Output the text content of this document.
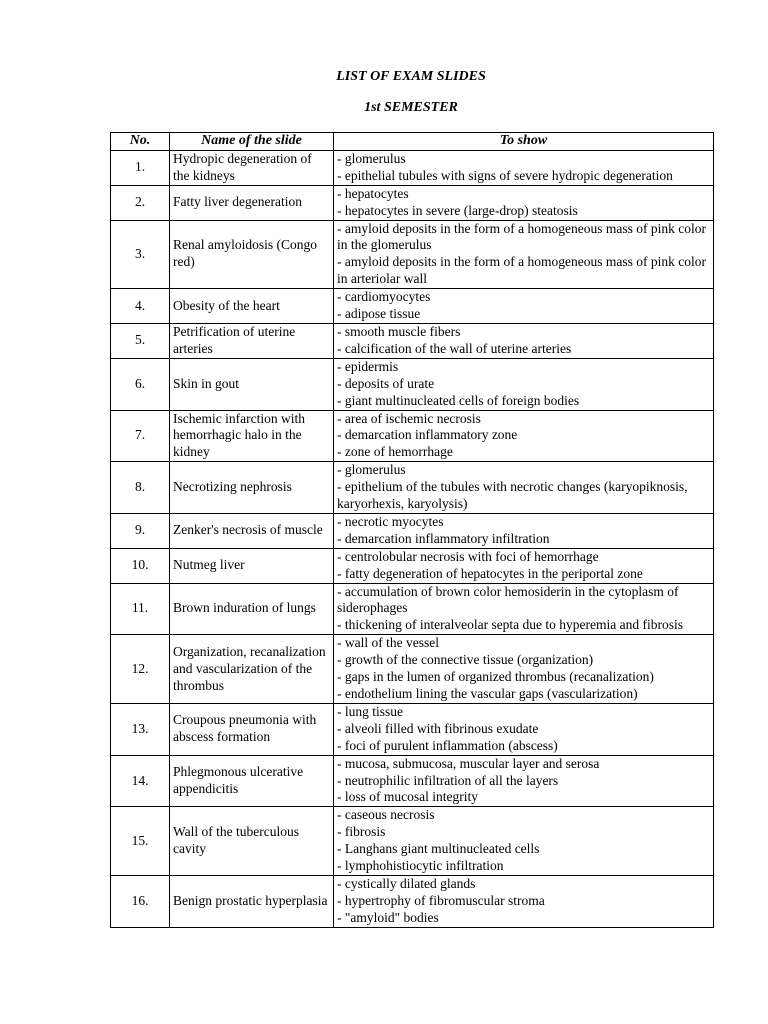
LIST OF EXAM SLIDES
1st SEMESTER
No.	Name of the slide	To show
1.	Hydropic degeneration of the kidneys	- glomerulus
- epithelial tubules with signs of severe hydropic degeneration

2.	Fatty liver degeneration	- hepatocytes
- hepatocytes in severe (large-drop) steatosis

3.	Renal amyloidosis (Congo red)	- amyloid deposits in the form of a homogeneous mass of pink color in the glomerulus
- amyloid deposits in the form of a homogeneous mass of pink color in arteriolar wall

4.	Obesity of the heart	- cardiomyocytes
- adipose tissue

5.	Petrification of uterine arteries	- smooth muscle fibers
- calcification of the wall of uterine arteries

6.	Skin in gout	- epidermis
- deposits of urate
- giant multinucleated cells of foreign bodies

7.	Ischemic infarction with hemorrhagic halo in the kidney	- area of ischemic necrosis
- demarcation inflammatory zone
- zone of hemorrhage

8.	Necrotizing nephrosis	- glomerulus
- epithelium of the tubules with necrotic changes (karyopiknosis, karyorhexis, karyolysis)

9.	Zenker's necrosis of muscle	- necrotic myocytes
- demarcation inflammatory infiltration

10.	Nutmeg liver	- centrolobular necrosis with foci of hemorrhage
- fatty degeneration of hepatocytes in the periportal zone

11.	Brown induration of lungs	- accumulation of brown color hemosiderin in the cytoplasm of siderophages
- thickening of interalveolar septa due to hyperemia and fibrosis

12.	Organization, recanalization and vascularization of the thrombus	- wall of the vessel
- growth of the connective tissue (organization)
- gaps in the lumen of organized thrombus (recanalization)
- endothelium lining the vascular gaps (vascularization)

13.	Croupous pneumonia with abscess formation	- lung tissue
- alveoli filled with fibrinous exudate
- foci of purulent inflammation (abscess)

14.	Phlegmonous ulcerative appendicitis	- mucosa, submucosa, muscular layer and serosa
- neutrophilic infiltration of all the layers
- loss of mucosal integrity

15.	Wall of the tuberculous cavity	- caseous necrosis
- fibrosis
- Langhans giant multinucleated cells
- lymphohistiocytic infiltration

16.	Benign prostatic hyperplasia	- cystically dilated glands
- hypertrophy of fibromuscular stroma
- "amyloid" bodies
